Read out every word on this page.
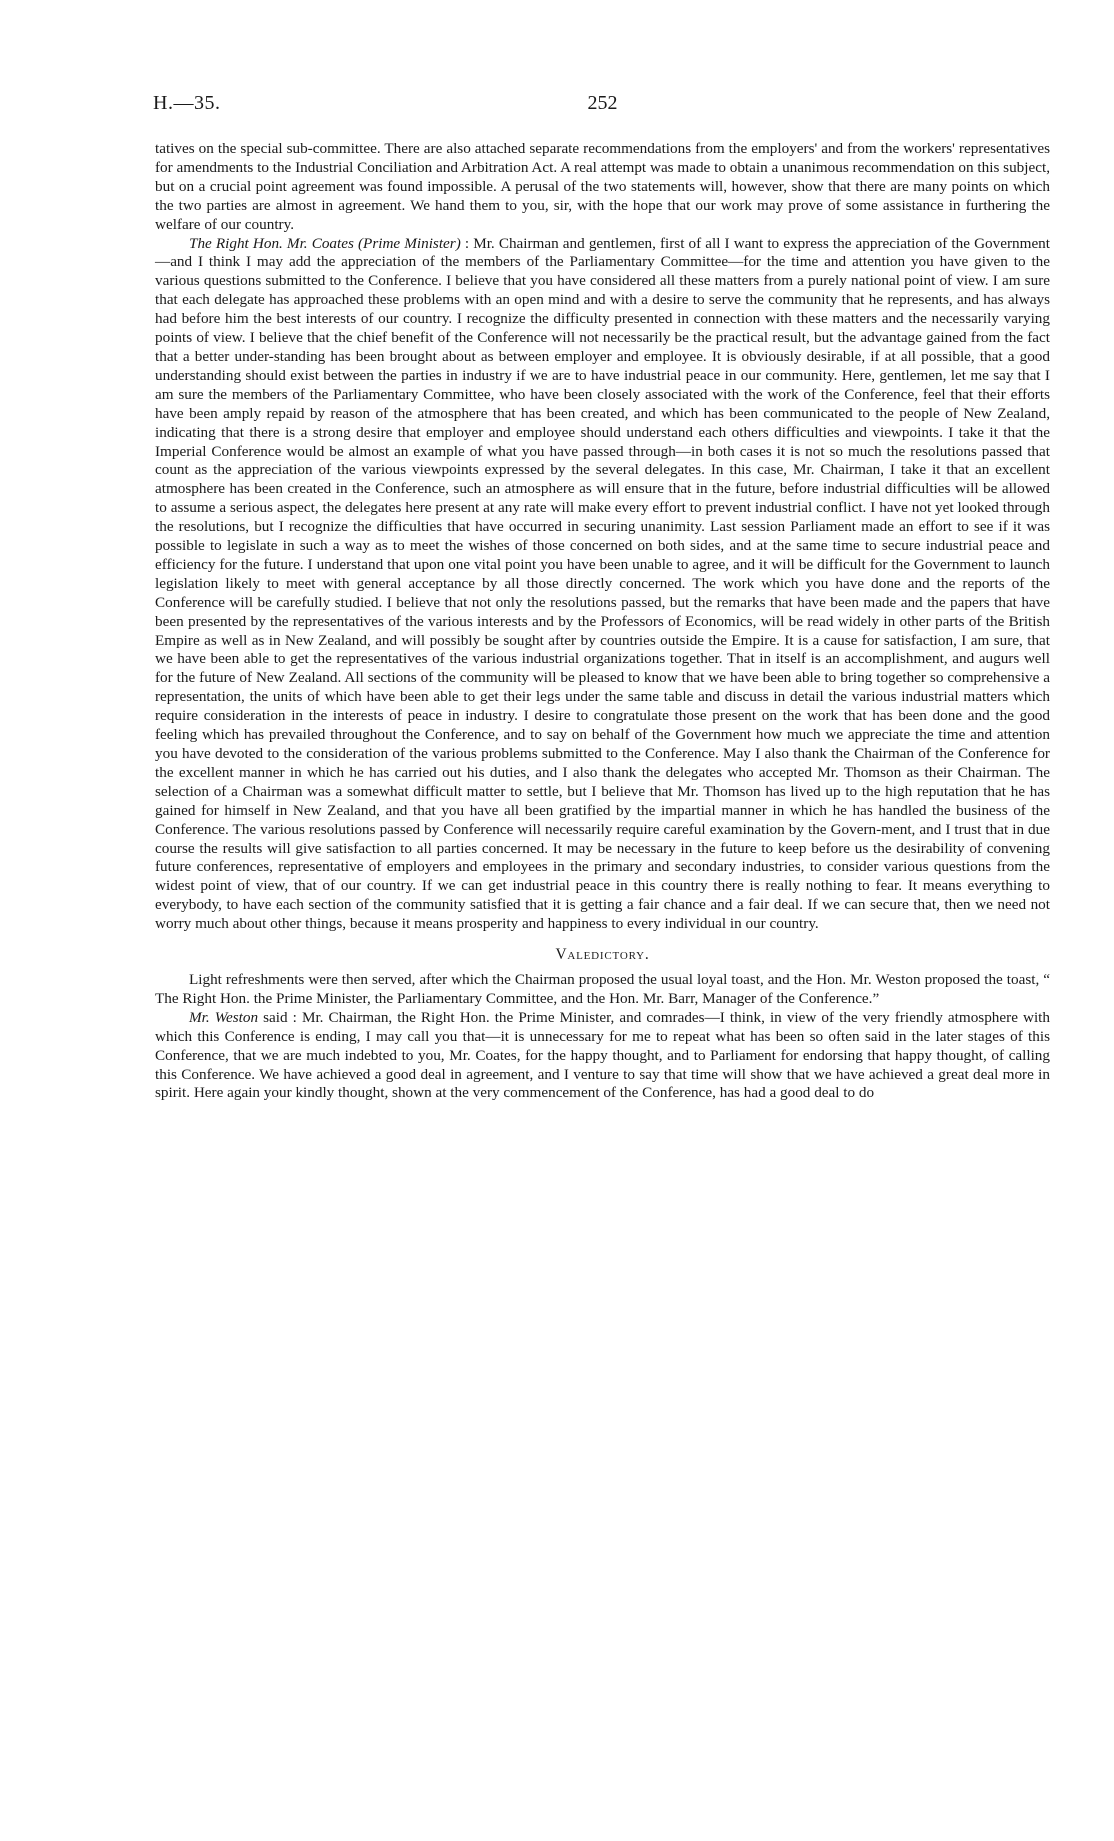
H.—35.	252

tatives on the special sub-committee. There are also attached separate recommendations from the employers' and from the workers' representatives for amendments to the Industrial Conciliation and Arbitration Act. A real attempt was made to obtain a unanimous recommendation on this subject, but on a crucial point agreement was found impossible. A perusal of the two statements will, however, show that there are many points on which the two parties are almost in agreement. We hand them to you, sir, with the hope that our work may prove of some assistance in furthering the welfare of our country.

The Right Hon. Mr. Coates (Prime Minister) : Mr. Chairman and gentlemen, first of all I want to express the appreciation of the Government—and I think I may add the appreciation of the members of the Parliamentary Committee—for the time and attention you have given to the various questions submitted to the Conference. I believe that you have considered all these matters from a purely national point of view. I am sure that each delegate has approached these problems with an open mind and with a desire to serve the community that he represents, and has always had before him the best interests of our country. I recognize the difficulty presented in connection with these matters and the necessarily varying points of view. I believe that the chief benefit of the Conference will not necessarily be the practical result, but the advantage gained from the fact that a better under-standing has been brought about as between employer and employee. It is obviously desirable, if at all possible, that a good understanding should exist between the parties in industry if we are to have industrial peace in our community. Here, gentlemen, let me say that I am sure the members of the Parliamentary Committee, who have been closely associated with the work of the Conference, feel that their efforts have been amply repaid by reason of the atmosphere that has been created, and which has been communicated to the people of New Zealand, indicating that there is a strong desire that employer and employee should understand each others difficulties and viewpoints. I take it that the Imperial Conference would be almost an example of what you have passed through—in both cases it is not so much the resolutions passed that count as the appreciation of the various viewpoints expressed by the several delegates. In this case, Mr. Chairman, I take it that an excellent atmosphere has been created in the Conference, such an atmosphere as will ensure that in the future, before industrial difficulties will be allowed to assume a serious aspect, the delegates here present at any rate will make every effort to prevent industrial conflict. I have not yet looked through the resolutions, but I recognize the difficulties that have occurred in securing unanimity. Last session Parliament made an effort to see if it was possible to legislate in such a way as to meet the wishes of those concerned on both sides, and at the same time to secure industrial peace and efficiency for the future. I understand that upon one vital point you have been unable to agree, and it will be difficult for the Government to launch legislation likely to meet with general acceptance by all those directly concerned. The work which you have done and the reports of the Conference will be carefully studied. I believe that not only the resolutions passed, but the remarks that have been made and the papers that have been presented by the representatives of the various interests and by the Professors of Economics, will be read widely in other parts of the British Empire as well as in New Zealand, and will possibly be sought after by countries outside the Empire. It is a cause for satisfaction, I am sure, that we have been able to get the representatives of the various industrial organizations together. That in itself is an accomplishment, and augurs well for the future of New Zealand. All sections of the community will be pleased to know that we have been able to bring together so comprehensive a representation, the units of which have been able to get their legs under the same table and discuss in detail the various industrial matters which require consideration in the interests of peace in industry. I desire to congratulate those present on the work that has been done and the good feeling which has prevailed throughout the Conference, and to say on behalf of the Government how much we appreciate the time and attention you have devoted to the consideration of the various problems submitted to the Conference. May I also thank the Chairman of the Conference for the excellent manner in which he has carried out his duties, and I also thank the delegates who accepted Mr. Thomson as their Chairman. The selection of a Chairman was a somewhat difficult matter to settle, but I believe that Mr. Thomson has lived up to the high reputation that he has gained for himself in New Zealand, and that you have all been gratified by the impartial manner in which he has handled the business of the Conference. The various resolutions passed by Conference will necessarily require careful examination by the Govern-ment, and I trust that in due course the results will give satisfaction to all parties concerned. It may be necessary in the future to keep before us the desirability of convening future conferences, representative of employers and employees in the primary and secondary industries, to consider various questions from the widest point of view, that of our country. If we can get industrial peace in this country there is really nothing to fear. It means everything to everybody, to have each section of the community satisfied that it is getting a fair chance and a fair deal. If we can secure that, then we need not worry much about other things, because it means prosperity and happiness to every individual in our country.

Valedictory.

Light refreshments were then served, after which the Chairman proposed the usual loyal toast, and the Hon. Mr. Weston proposed the toast, “ The Right Hon. the Prime Minister, the Parliamentary Committee, and the Hon. Mr. Barr, Manager of the Conference.”

Mr. Weston said : Mr. Chairman, the Right Hon. the Prime Minister, and comrades—I think, in view of the very friendly atmosphere with which this Conference is ending, I may call you that—it is unnecessary for me to repeat what has been so often said in the later stages of this Conference, that we are much indebted to you, Mr. Coates, for the happy thought, and to Parliament for endorsing that happy thought, of calling this Conference. We have achieved a good deal in agreement, and I venture to say that time will show that we have achieved a great deal more in spirit. Here again your kindly thought, shown at the very commencement of the Conference, has had a good deal to do
